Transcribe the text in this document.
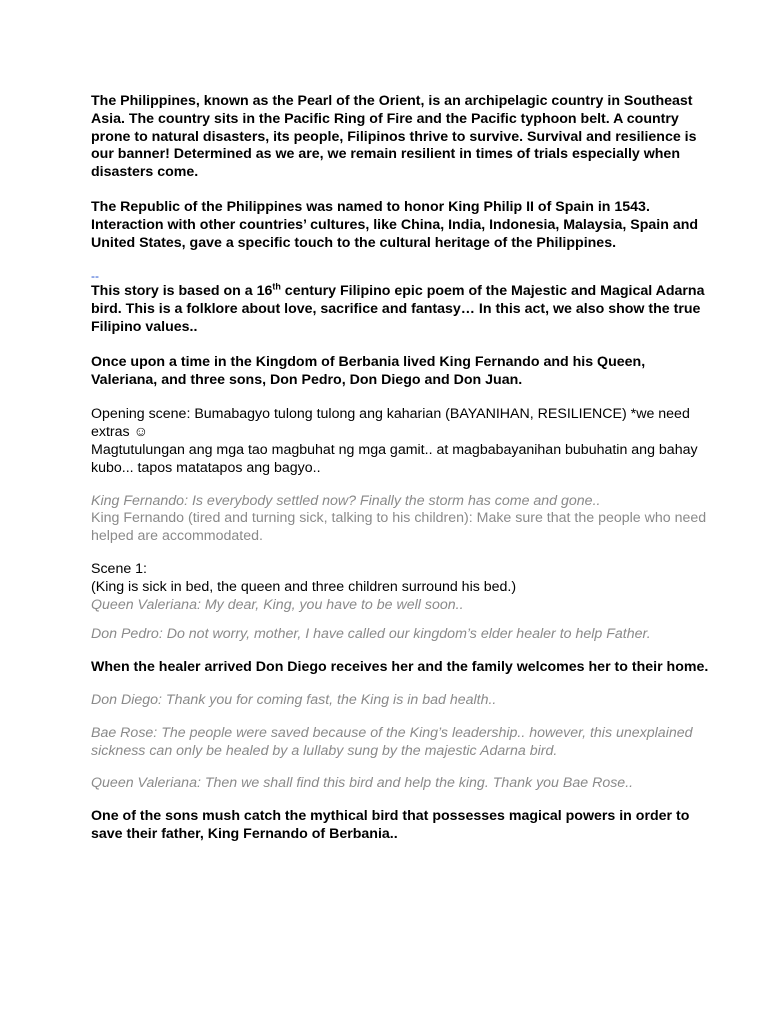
The Philippines, known as the Pearl of the Orient, is an archipelagic country in Southeast Asia. The country sits in the Pacific Ring of Fire and the Pacific typhoon belt. A country prone to natural disasters, its people, Filipinos thrive to survive. Survival and resilience is our banner! Determined as we are, we remain resilient in times of trials especially when disasters come.

The Republic of the Philippines was named to honor King Philip II of Spain in 1543. Interaction with other countries’ cultures, like China, India, Indonesia, Malaysia, Spain and United States, gave a specific touch to the cultural heritage of the Philippines.

--

This story is based on a 16th century Filipino epic poem of the Majestic and Magical Adarna bird. This is a folklore about love, sacrifice and fantasy… In this act, we also show the true Filipino values..

Once upon a time in the Kingdom of Berbania lived King Fernando and his Queen, Valeriana, and three sons, Don Pedro, Don Diego and Don Juan.

Opening scene: Bumabagyo tulong tulong ang kaharian (BAYANIHAN, RESILIENCE) *we need extras ☺

Magtutulungan ang mga tao magbuhat ng mga gamit.. at magbabayanihan bubuhatin ang bahay kubo... tapos matatapos ang bagyo..

King Fernando: Is everybody settled now? Finally the storm has come and gone..

King Fernando (tired and turning sick, talking to his children): Make sure that the people who need helped are accommodated.

Scene 1:

(King is sick in bed, the queen and three children surround his bed.)

Queen Valeriana: My dear, King, you have to be well soon..

Don Pedro: Do not worry, mother, I have called our kingdom’s elder healer to help Father.

When the healer arrived Don Diego receives her and the family welcomes her to their home.

Don Diego: Thank you for coming fast, the King is in bad health..

Bae Rose: The people were saved because of the King’s leadership.. however, this unexplained sickness can only be healed by a lullaby sung by the majestic Adarna bird.

Queen Valeriana: Then we shall find this bird and help the king. Thank you Bae Rose..

One of the sons mush catch the mythical bird that possesses magical powers in order to save their father, King Fernando of Berbania..
